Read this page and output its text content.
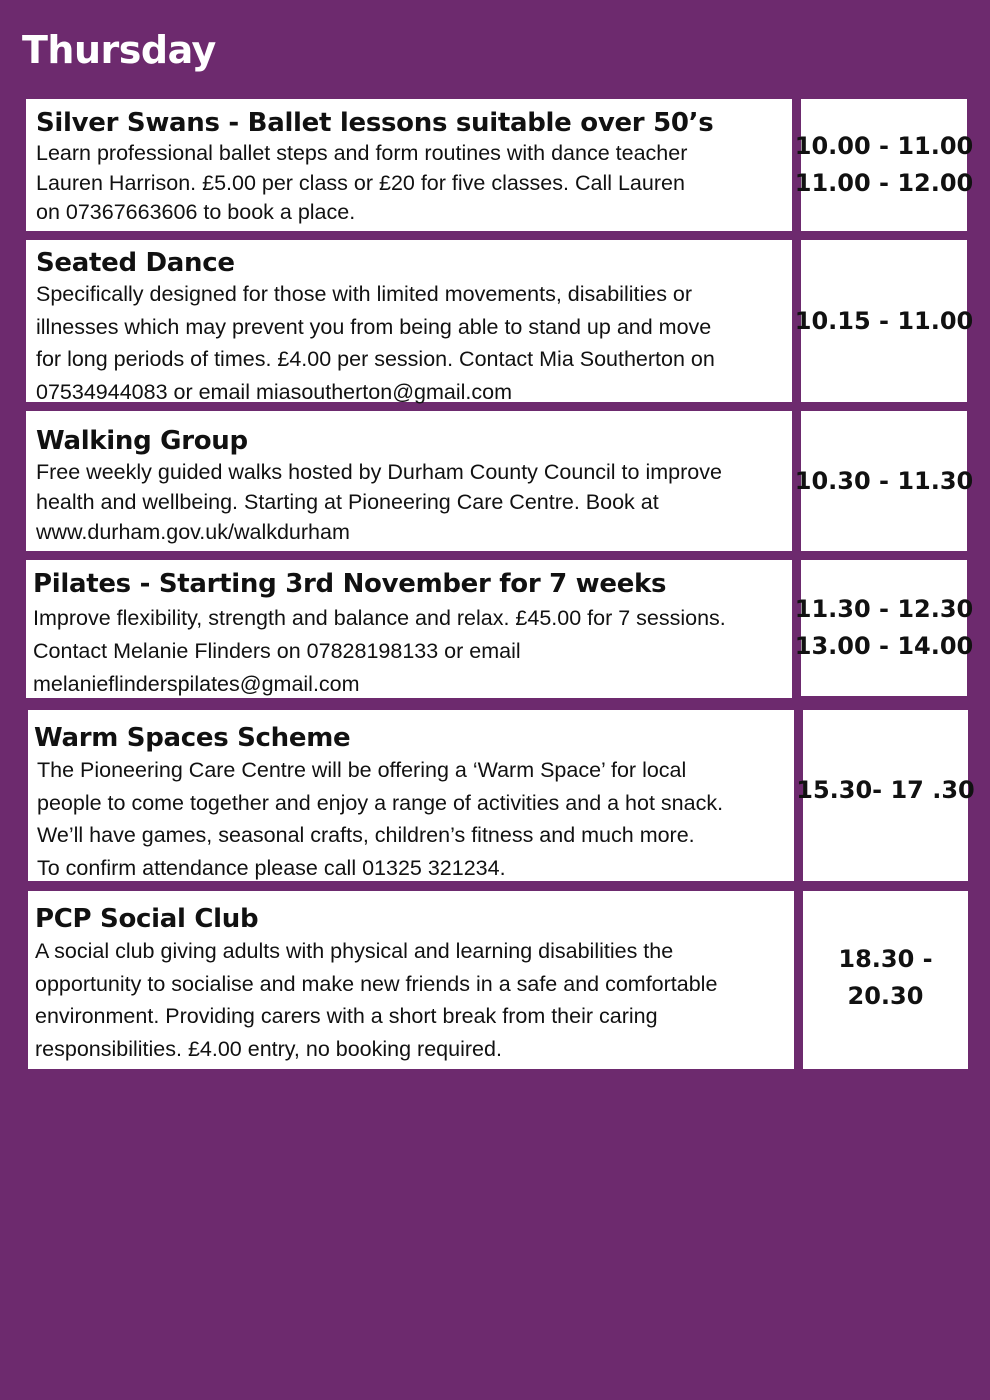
Thursday
Silver Swans - Ballet lessons suitable over 50’s
Learn professional ballet steps and form routines with dance teacher
Lauren Harrison. £5.00 per class or £20 for five classes. Call Lauren
on 07367663606 to book a place.
10.00 - 11.00
11.00 - 12.00
Seated Dance
Specifically designed for those with limited movements, disabilities or
illnesses which may prevent you from being able to stand up and move
for long periods of times. £4.00 per session. Contact Mia Southerton on
07534944083 or email miasoutherton@gmail.com
10.15 - 11.00
Walking Group
Free weekly guided walks hosted by Durham County Council to improve
health and wellbeing. Starting at Pioneering Care Centre. Book at
www.durham.gov.uk/walkdurham
10.30 - 11.30
Pilates - Starting 3rd November for 7 weeks
Improve flexibility, strength and balance and relax. £45.00 for 7 sessions.
Contact Melanie Flinders on 07828198133 or email
melanieflinderspilates@gmail.com
11.30 - 12.30
13.00 - 14.00
Warm Spaces Scheme
The Pioneering Care Centre will be offering a ‘Warm Space’ for local
people to come together and enjoy a range of activities and a hot snack.
We’ll have games, seasonal crafts, children’s fitness and much more.
To confirm attendance please call 01325 321234.
15.30- 17 .30
PCP Social Club
A social club giving adults with physical and learning disabilities the
opportunity to socialise and make new friends in a safe and comfortable
environment. Providing carers with a short break from their caring
responsibilities. £4.00 entry, no booking required.
18.30 -
20.30
